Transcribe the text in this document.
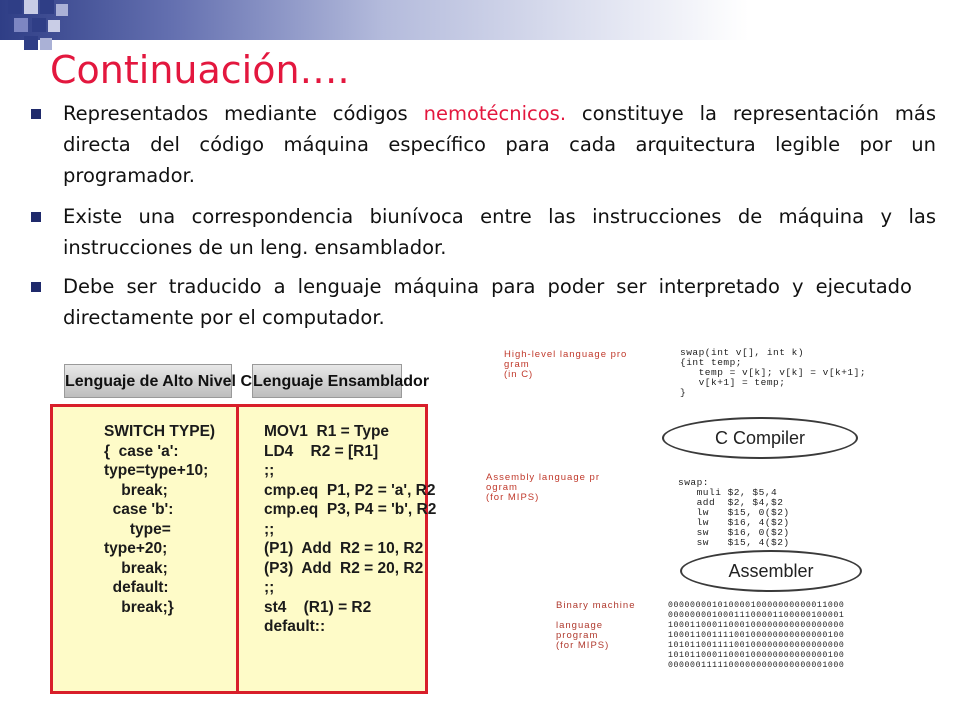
Continuación….
Representados mediante códigos nemotécnicos. constituye la representación más directa del código máquina específico para cada arquitectura legible por un programador.
Existe una correspondencia biunívoca entre las instrucciones de máquina y las instrucciones de un leng. ensamblador.
Debe ser traducido a lenguaje máquina para poder ser interpretado y ejecutado directamente por el computador.
Lenguaje de Alto Nivel C Lenguaje Ensamblador
SWITCH TYPE)
{  case 'a':
type=type+10;
break;
case 'b':
type=
type+20;
break;
default:
break;}
MOV1  R1 = Type
LD4    R2 = [R1]
;;
cmp.eq  P1, P2 = 'a', R2
cmp.eq  P3, P4 = 'b', R2
;;
(P1)  Add  R2 = 10, R2
(P3)  Add  R2 = 20, R2
;;
st4    (R1) = R2
default::
High-level language pro
gram
(in C)
swap(int v[], int k)
{int temp;
temp = v[k]; v[k] = v[k+1];
v[k+1] = temp;
}
C Compiler
Assembly language pr
ogram
(for MIPS)
swap:
muli $2, $5,4
add  $2, $4,$2
lw   $15, 0($2)
lw   $16, 4($2)
sw   $16, 0($2)
sw   $15, 4($2)
Assembler
Binary machine

language
program
(for MIPS)
00000000101000010000000000011000
00000000100011100001100000100001
10001100011000100000000000000000
10001100111100100000000000000100
10101100111100100000000000000000
10101100011000100000000000000100
00000011111000000000000000001000
